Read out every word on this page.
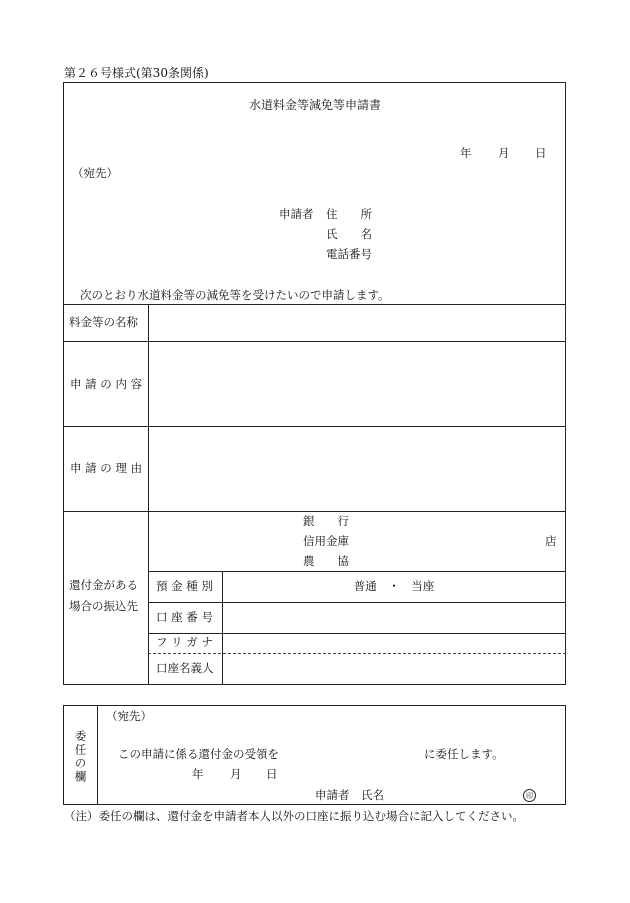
第２６号様式(第30条関係)
水道料金等減免等申請書
年 月 日
（宛先）
申請者 住　　所
氏　　名
電話番号
次のとおり水道料金等の減免等を受けたいので申請します。
料金等の名称
申 請 の 内 容
申 請 の 理 由
銀　　行
信用金庫
農　　協
店
還付金がある
場合の振込先
預 金 種 別	普通　・　当座
口 座 番 号
フ リ ガ ナ
口座名義人
委任の欄
（宛先）
この申請に係る還付金の受領を	に委任します。
年 月 日
申請者　氏名	印
（注）委任の欄は、還付金を申請者本人以外の口座に振り込む場合に記入してください。
